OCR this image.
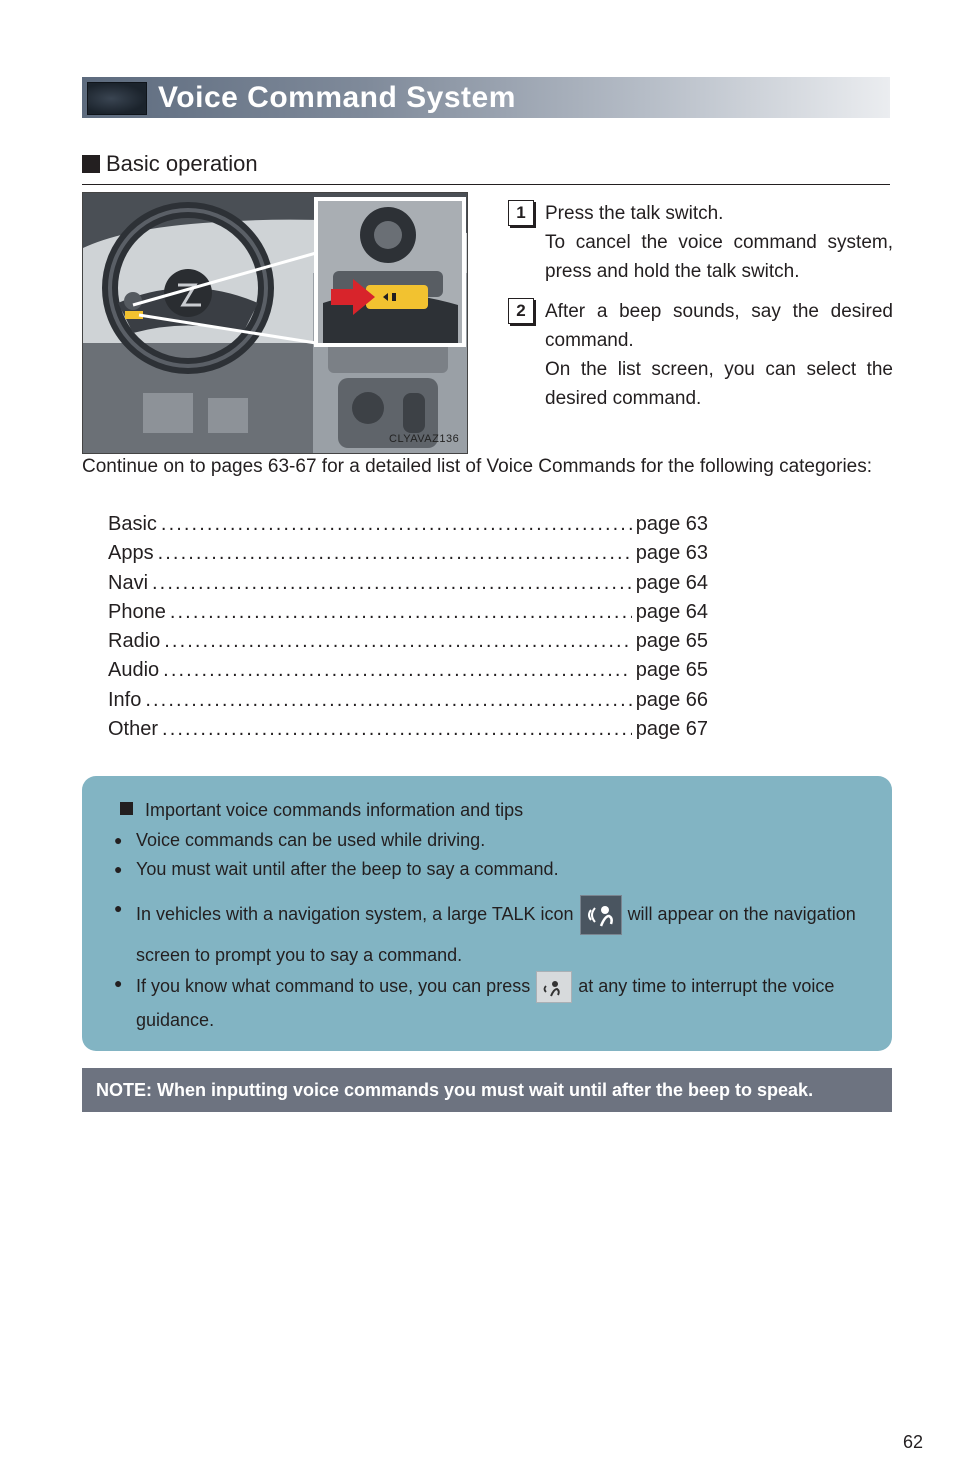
Voice Command System
Basic operation
CLYAVAZ136
1	Press the talk switch.

To cancel the voice command system, press and hold the talk switch.

2	After a beep sounds, say the desired command.

On the list screen, you can select the desired command.

Continue on to pages 63-67 for a detailed list of Voice Commands for the following categories:

Basic .....	page 63
Apps .....	page 63
Navi .....	page 64
Phone .....	page 64
Radio .....	page 65
Audio .....	page 65
Info .....	page 66
Other .....	page 67
Important voice commands information and tips
● Voice commands can be used while driving.
● You must wait until after the beep to say a command.
● In vehicles with a navigation system, a large TALK icon	will appear on the navigation screen to prompt you to say a command.
● If you know what command to use, you can press	at any time to interrupt the voice guidance.
NOTE: When inputting voice commands you must wait until after the beep to speak.
62
